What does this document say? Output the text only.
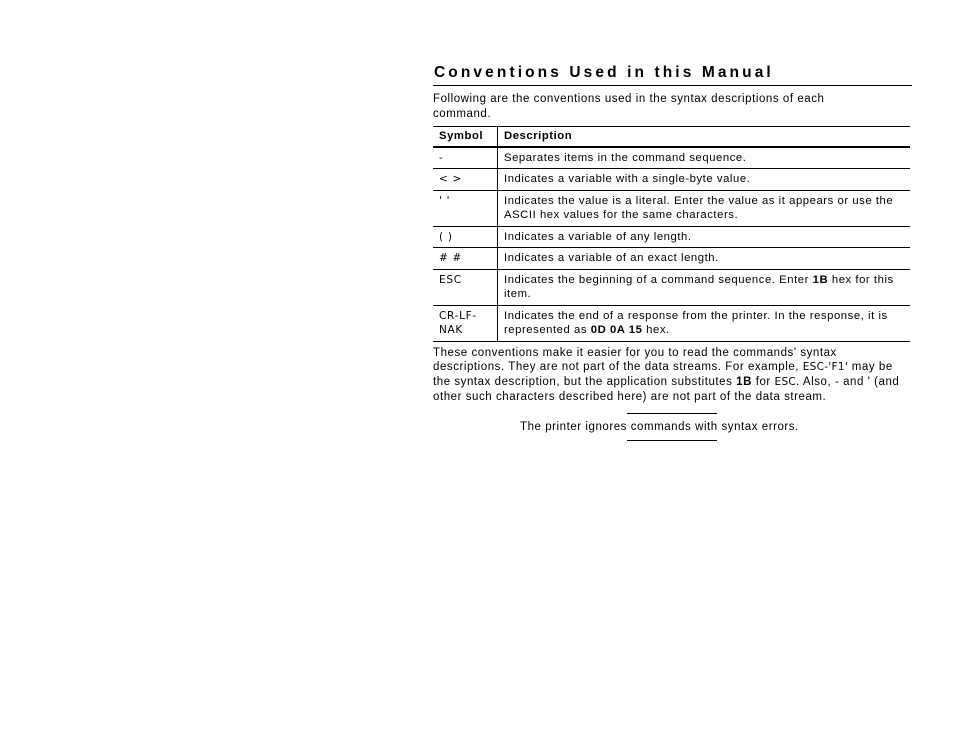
Conventions Used in this Manual

Following are the conventions used in the syntax descriptions of each command.

Symbol	Description
-	Separates items in the command sequence.
< >	Indicates a variable with a single-byte value.
' '	Indicates the value is a literal. Enter the value as it appears or use the ASCII hex values for the same characters.
( )	Indicates a variable of any length.
# #	Indicates a variable of an exact length.
ESC	Indicates the beginning of a command sequence. Enter 1B hex for this item.
CR-LF-NAK	Indicates the end of a response from the printer. In the response, it is represented as 0D 0A 15 hex.

These conventions make it easier for you to read the commands' syntax descriptions. They are not part of the data streams. For example, ESC-'F1' may be the syntax description, but the application substitutes 1B for ESC. Also, - and ' (and other such characters described here) are not part of the data stream.

The printer ignores commands with syntax errors.
